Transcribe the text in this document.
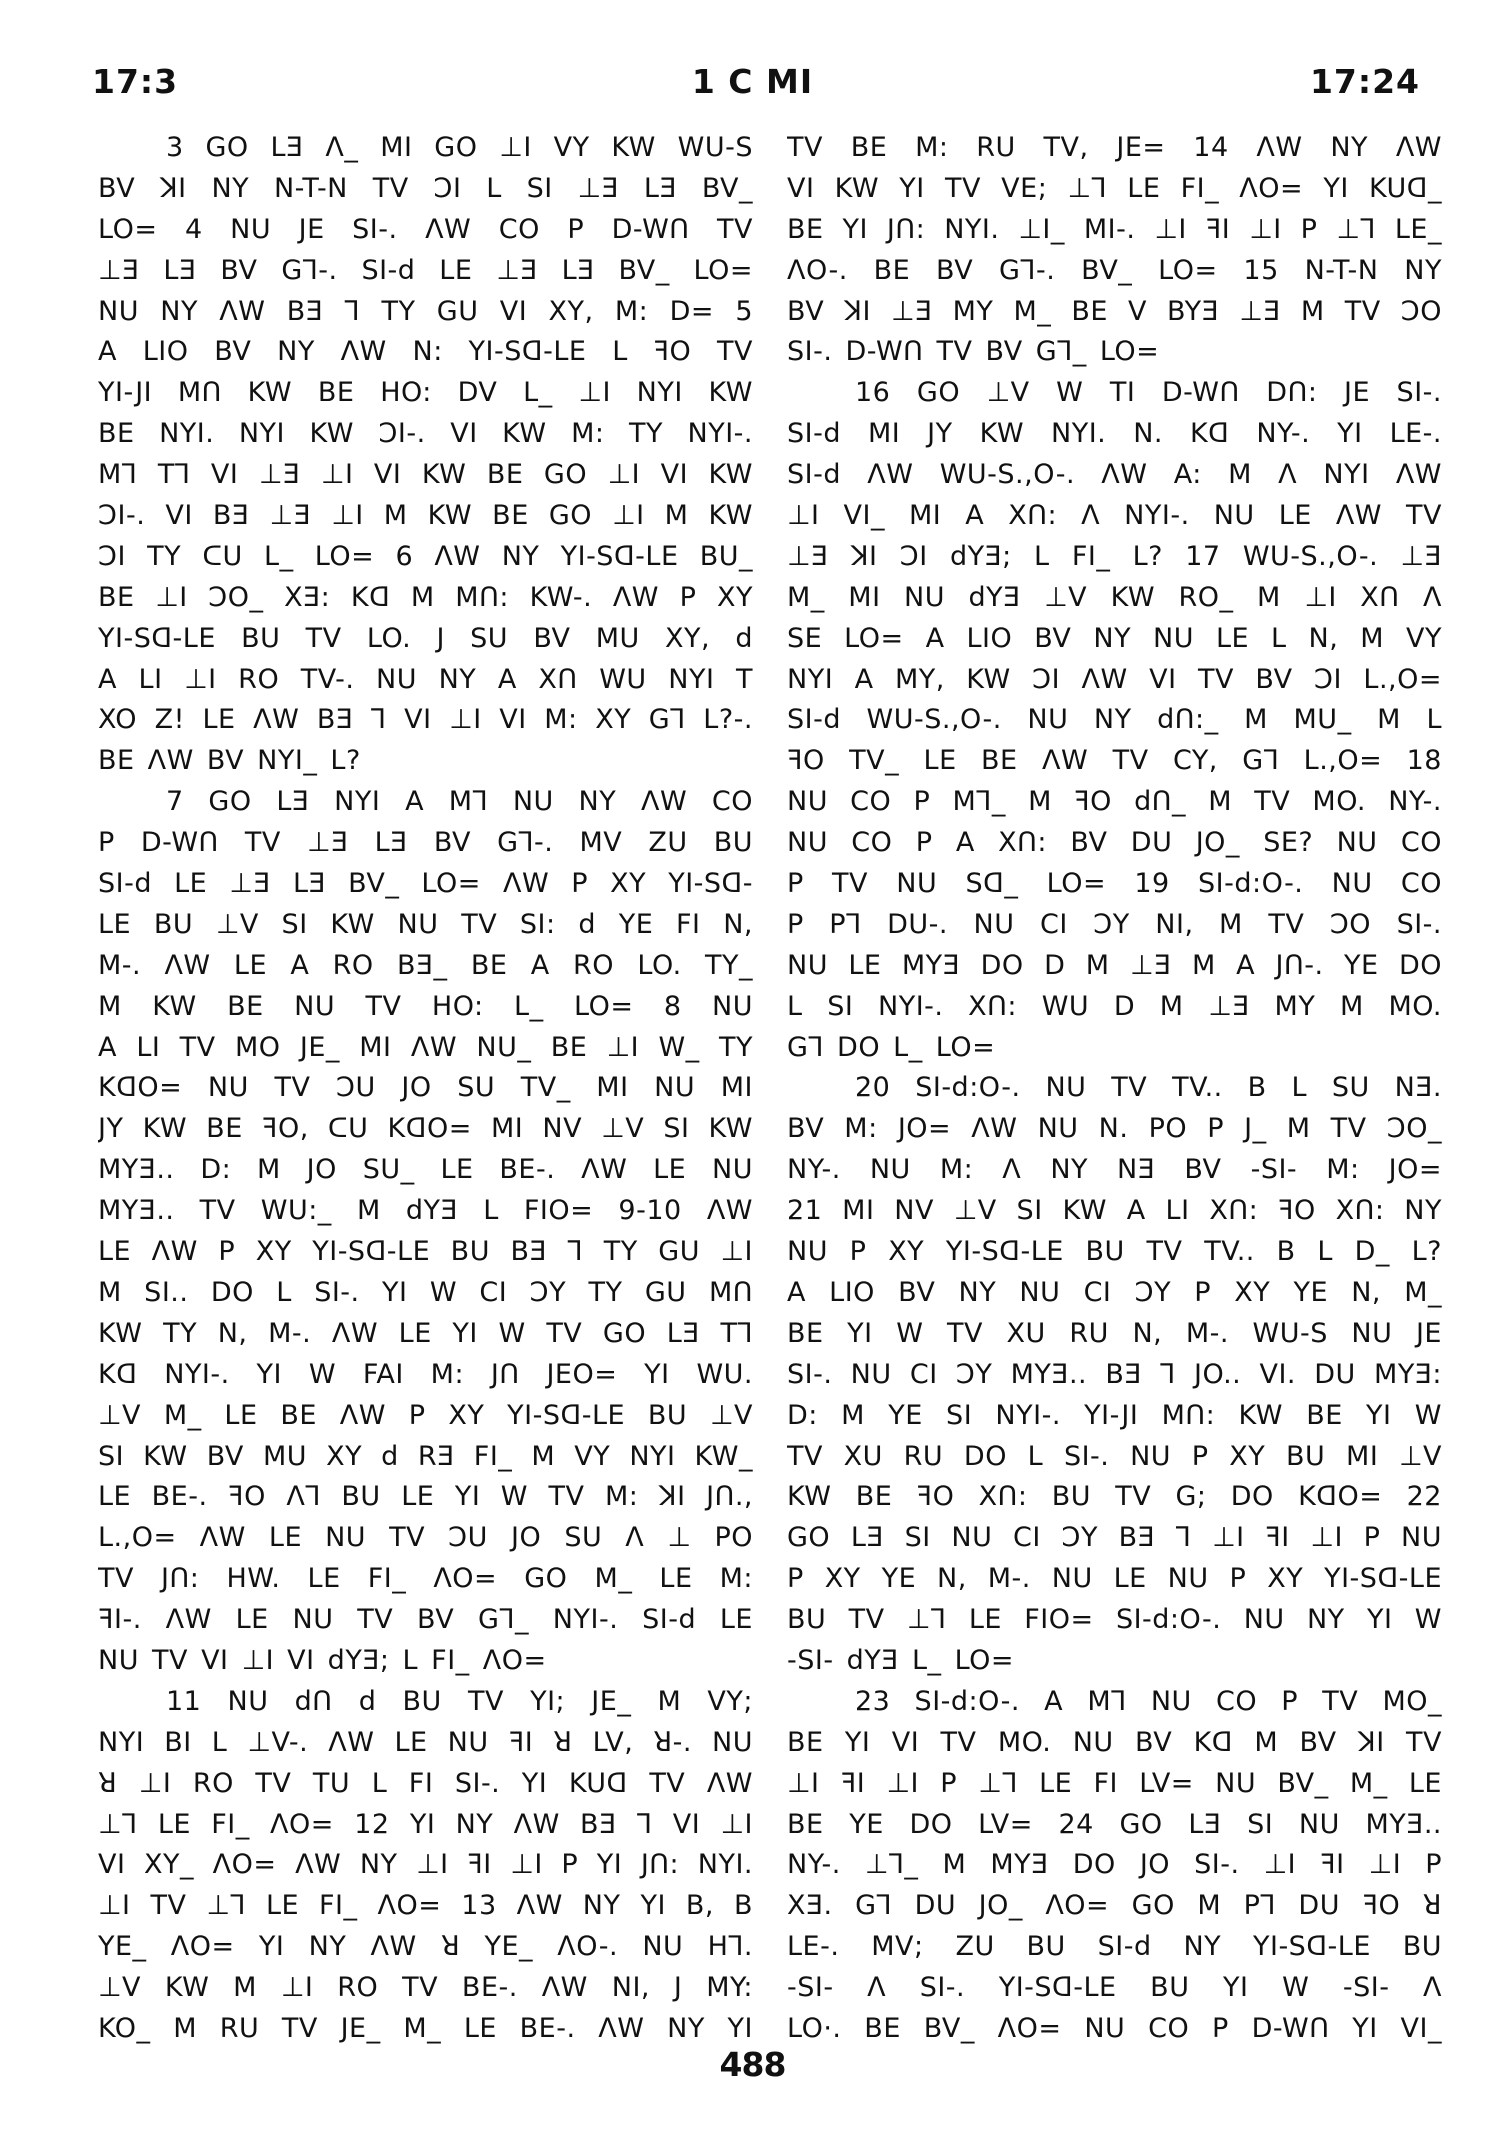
17:3	1 C MI	17:24
3 GO LƎ Λ_ MI GO ⊥I VY KW WU-S
BV ꓘI NY N-T-N TV ƆI L SI ⊥Ǝ LƎ BV_
LO= 4 NU JE SI-. ΛW CO P D-Wᑎ TV
⊥Ǝ LƎ BV G⅂-. SI-d LE ⊥Ǝ LƎ BV_ LO=
NU NY ΛW BƎ ꓶ TY GU VI XY, M: D= 5
A LIO BV NY ΛW N: YI-Sꓷ-LE L ꟻO TV
YI-JI Mᑎ KW BE HO: DV L_ ⊥I NYI KW
BE NYI. NYI KW ƆI-. VI KW M: TY NYI-.
M⅂ T⅂ VI ⊥Ǝ ⊥I VI KW BE GO ⊥I VI KW
ƆI-. VI BƎ ⊥Ǝ ⊥I M KW BE GO ⊥I M KW
ƆI TY ᑕU L_ LO= 6 ΛW NY YI-Sꓷ-LE BU_
BE ⊥I ƆO_ XƎ: Kꓷ M Mᑎ: KW-. ΛW P XY
YI-Sꓷ-LE BU TV LO. J SU BV MU XY, d
A LI ⊥I RO TV-. NU NY A Xᑎ WU NYI T
XO Z! LE ΛW BƎ ꓶ VI ⊥I VI M: XY G⅂ L?-.
BE ΛW BV NYI_ L?
7 GO LƎ NYI A M⅂ NU NY ΛW CO
P D-Wᑎ TV ⊥Ǝ LƎ BV G⅂-. MV ZU BU
SI-d LE ⊥Ǝ LƎ BV_ LO= ΛW P XY YI-Sꓷ-
LE BU ⊥V SI KW NU TV SI: d YE FI N,
M-. ΛW LE A RO BƎ_ BE A RO LO. TY_
M KW BE NU TV HO: L_ LO= 8 NU
A LI TV MO JE_ MI ΛW NU_ BE ⊥I W_ TY
KꓷO= NU TV ƆU JO SU TV_ MI NU MI
JY KW BE ꟻO, ᑕU KꓷO= MI NV ⊥V SI KW
MYƎ.. D: M JO SU_ LE BE-. ΛW LE NU
MYƎ.. TV WU:_ M dYƎ L FIO= 9-10 ΛW
LE ΛW P XY YI-Sꓷ-LE BU BƎ ꓶ TY GU ⊥I
M SI.. DO L SI-. YI W CI ƆY TY GU Mᑎ
KW TY N, M-. ΛW LE YI W TV GO LƎ T⅂
Kꓷ NYI-. YI W FAI M: Jᑎ JEO= YI WU.
⊥V M_ LE BE ΛW P XY YI-Sꓷ-LE BU ⊥V
SI KW BV MU XY d RƎ FI_ M VY NYI KW_
LE BE-. ꟻO Λ⅂ BU LE YI W TV M: ꓘI Jᑎ.,
L.,O= ΛW LE NU TV ƆU JO SU Λ ⊥ PO
TV Jᑎ: HW. LE FI_ ΛO= GO M_ LE M:
ꟻI-. ΛW LE NU TV BV G⅂_ NYI-. SI-d LE
NU TV VI ⊥I VI dYƎ; L FI_ ΛO=
11 NU dᑎ d BU TV YI; JE_ M VY;
NYI BI L ⊥V-. ΛW LE NU ꟻI ꓤ LV, ꓤ-. NU
ꓤ ⊥I RO TV TU L FI SI-. YI KUꓷ TV ΛW
⊥⅂ LE FI_ ΛO= 12 YI NY ΛW BƎ ꓶ VI ⊥I
VI XY_ ΛO= ΛW NY ⊥I ꟻI ⊥I P YI Jᑎ: NYI.
⊥I TV ⊥⅂ LE FI_ ΛO= 13 ΛW NY YI B, B
YE_ ΛO= YI NY ΛW ꓤ YE_ ΛO-. NU H⅂.
⊥V KW M ⊥I RO TV BE-. ΛW NI, J MY:
KO_ M RU TV JE_ M_ LE BE-. ΛW NY YI
TV BE M: RU TV, JE= 14 ΛW NY ΛW
VI KW YI TV VE; ⊥⅂ LE FI_ ΛO= YI KUꓷ_
BE YI Jᑎ: NYI. ⊥I_ MI-. ⊥I ꟻI ⊥I P ⊥⅂ LE_
ΛO-. BE BV G⅂-. BV_ LO= 15 N-T-N NY
BV ꓘI ⊥Ǝ MY M_ BE V BYƎ ⊥Ǝ M TV ƆO
SI-. D-Wᑎ TV BV G⅂_ LO=
16 GO ⊥V W TI D-Wᑎ Dᑎ: JE SI-.
SI-d MI JY KW NYI. N. Kꓷ NY-. YI LE-.
SI-d ΛW WU-S.,O-. ΛW A: M Λ NYI ΛW
⊥I VI_ MI A Xᑎ: Λ NYI-. NU LE ΛW TV
⊥Ǝ ꓘI ƆI dYƎ; L FI_ L? 17 WU-S.,O-. ⊥Ǝ
M_ MI NU dYƎ ⊥V KW RO_ M ⊥I Xᑎ Λ
SE LO= A LIO BV NY NU LE L N, M VY
NYI A MY, KW ƆI ΛW VI TV BV ƆI L.,O=
SI-d WU-S.,O-. NU NY dᑎ:_ M MU_ M L
ꟻO TV_ LE BE ΛW TV CY, G⅂ L.,O= 18
NU CO P M⅂_ M ꟻO dᑎ_ M TV MO. NY-.
NU CO P A Xᑎ: BV DU JO_ SE? NU CO
P TV NU Sꓷ_ LO= 19 SI-d:O-. NU CO
P P⅂ DU-. NU CI ƆY NI, M TV ƆO SI-.
NU LE MYƎ DO D M ⊥Ǝ M A Jᑎ-. YE DO
L SI NYI-. Xᑎ: WU D M ⊥Ǝ MY M MO.
G⅂ DO L_ LO=
20 SI-d:O-. NU TV TV.. B L SU NƎ.
BV M: JO= ΛW NU N. PO P J_ M TV ƆO_
NY-. NU M: Λ NY NƎ BV -SI- M: JO=
21 MI NV ⊥V SI KW A LI Xᑎ: ꟻO Xᑎ: NY
NU P XY YI-Sꓷ-LE BU TV TV.. B L D_ L?
A LIO BV NY NU CI ƆY P XY YE N, M_
BE YI W TV XU RU N, M-. WU-S NU JE
SI-. NU CI ƆY MYƎ.. BƎ ꓶ JO.. VI. DU MYƎ:
D: M YE SI NYI-. YI-JI Mᑎ: KW BE YI W
TV XU RU DO L SI-. NU P XY BU MI ⊥V
KW BE ꟻO Xᑎ: BU TV G; DO KꓷO= 22
GO LƎ SI NU CI ƆY BƎ ꓶ ⊥I ꟻI ⊥I P NU
P XY YE N, M-. NU LE NU P XY YI-Sꓷ-LE
BU TV ⊥⅂ LE FIO= SI-d:O-. NU NY YI W
-SI- dYƎ L_ LO=
23 SI-d:O-. A M⅂ NU CO P TV MO_
BE YI VI TV MO. NU BV Kꓷ M BV ꓘI TV
⊥I ꟻI ⊥I P ⊥⅂ LE FI LV= NU BV_ M_ LE
BE YE DO LV= 24 GO LƎ SI NU MYƎ..
NY-. ⊥⅂_ M MYƎ DO JO SI-. ⊥I ꟻI ⊥I P
XƎ. G⅂ DU JO_ ΛO= GO M P⅂ DU ꟻO ꓤ
LE-. MV; ZU BU SI-d NY YI-Sꓷ-LE BU
-SI- Λ SI-. YI-Sꓷ-LE BU YI W -SI- Λ
LO·. BE BV_ ΛO= NU CO P D-Wᑎ YI VI_
488
